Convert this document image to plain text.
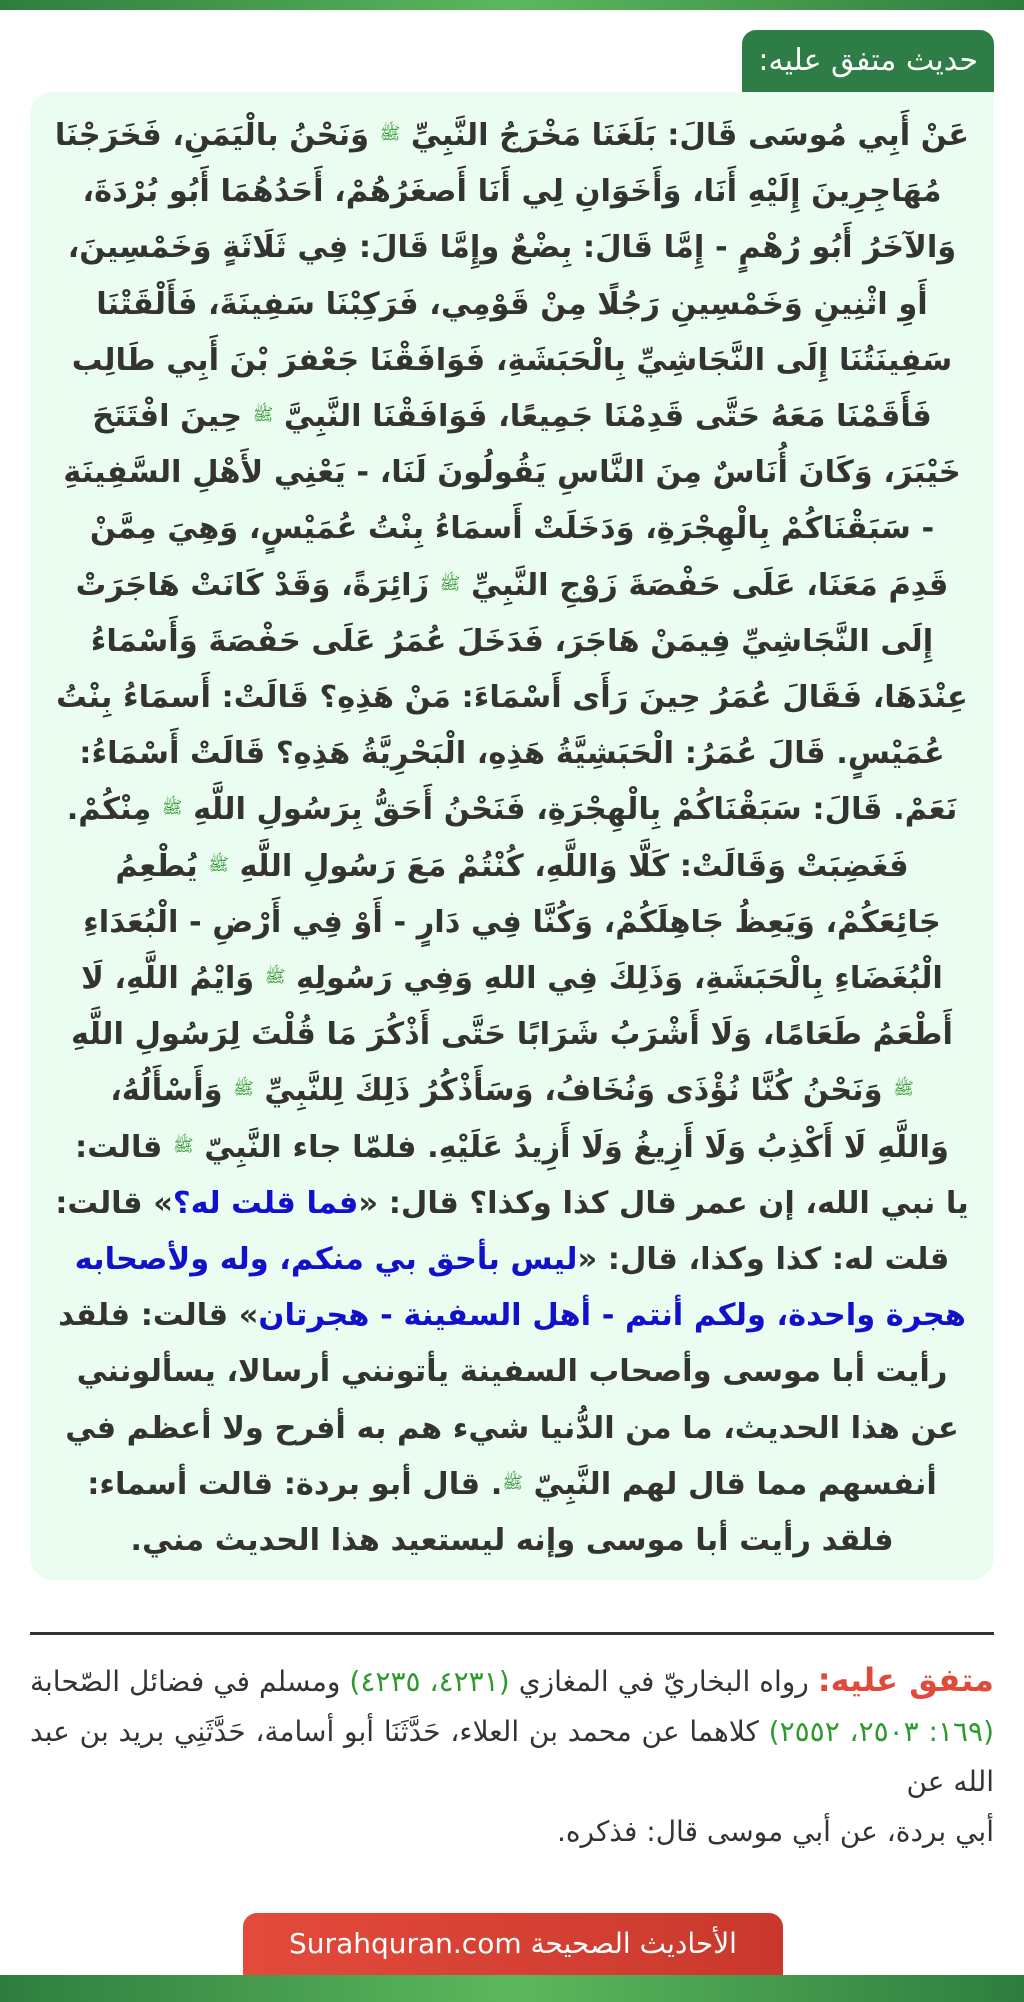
حديث متفق عليه:

عَنْ أَبِي مُوسَى قَالَ: بَلَغَنَا مَخْرَجُ النَّبِيِّ ﷺ وَنَحْنُ بالْيَمَنِ، فَخَرَجْنَا

مُهَاجِرِينَ إِلَيْهِ أَنَا، وَأَخَوَانِ لِي أَنَا أَصغَرُهُمْ، أَحَدُهُمَا أَبُو بُرْدَةَ،

وَالآخَرُ أَبُو رُهْمٍ - إِمَّا قَالَ: بِضْعٌ وإِمَّا قَالَ: فِي ثَلَاثَةٍ وَخَمْسِينَ،

أَوِ اثْنِينِ وَخَمْسِينِ رَجُلًا مِنْ قَوْمِي، فَرَكِبْنَا سَفِينَةَ، فَأَلْقَتْنَا

سَفِينَتُنَا إِلَى النَّجَاشِيِّ بِالْحَبَشَةِ، فَوَافَقْنَا جَعْفرَ بْنَ أَبِي طَالِب

فَأَقَمْنَا مَعَهُ حَتَّى قَدِمْنَا جَمِيعًا، فَوَافَقْنَا النَّبِيَّ ﷺ حِينَ افْتَتَحَ

خَيْبَرَ، وَكَانَ أُنَاسٌ مِنَ النَّاسِ يَقُولُونَ لَنَا، - يَعْنِي لأَهْلِ السَّفِينَةِ

- سَبَقْنَاكُمْ بِالْهِجْرَةِ، وَدَخَلَتْ أَسمَاءُ بِنْتُ عُمَيْسٍ، وَهِيَ مِمَّنْ

قَدِمَ مَعَنَا، عَلَى حَفْصَةَ زَوْجِ النَّبِيِّ ﷺ زَائِرَةً، وَقَدْ كَانَتْ هَاجَرَتْ

إِلَى النَّجَاشِيِّ فِيمَنْ هَاجَرَ، فَدَخَلَ عُمَرُ عَلَى حَفْصَةَ وَأَسْمَاءُ

عِنْدَهَا، فَقَالَ عُمَرُ حِينَ رَأَى أَسْمَاءَ: مَنْ هَذِهِ؟ قَالَتْ: أَسمَاءُ بِنْتُ

عُمَيْسٍ. قَالَ عُمَرُ: الْحَبَشِيَّةُ هَذِهِ، الْبَحْرِيَّةُ هَذِهِ؟ قَالَتْ أَسْمَاءُ:

نَعَمْ. قَالَ: سَبَقْنَاكُمْ بِالْهِجْرَةِ، فَنَحْنُ أَحَقُّ بِرَسُولِ اللَّهِ ﷺ مِنْكُمْ.

فَغَضِبَتْ وَقَالَتْ: كَلَّا وَاللَّهِ، كُنْتُمْ مَعَ رَسُولِ اللَّهِ ﷺ يُطْعِمُ

جَائِعَكُمْ، وَيَعِظُ جَاهِلَكُمْ، وَكُنَّا فِي دَارٍ - أَوْ فِي أَرْضِ - الْبُعَدَاءِ

الْبُغَضَاءِ بِالْحَبَشَةِ، وَذَلِكَ فِي اللهِ وَفِي رَسُولِهِ ﷺ وَايْمُ اللَّهِ، لَا

أَطْعَمُ طَعَامًا، وَلَا أَشْرَبُ شَرَابًا حَتَّى أَذْكُرَ مَا قُلْتَ لِرَسُولِ اللَّهِ

ﷺ وَنَحْنُ كُنَّا نُؤْذَى وَنُخَافُ، وَسَأَذْكُرُ ذَلِكَ لِلنَّبِيِّ ﷺ وَأَسْأَلُهُ،

وَاللَّهِ لَا أَكْذِبُ وَلَا أَزِيغُ وَلَا أَزِيدُ عَلَيْهِ. فلمّا جاء النَّبِيّ ﷺ قالت:

يا نبي الله، إن عمر قال كذا وكذا؟ قال: «فما قلت له؟» قالت:

قلت له: كذا وكذا، قال: «ليس بأحق بي منكم، وله ولأصحابه

هجرة واحدة، ولكم أنتم - أهل السفينة - هجرتان» قالت: فلقد

رأيت أبا موسى وأصحاب السفينة يأتونني أرسالا، يسألونني

عن هذا الحديث، ما من الدُّنيا شيء هم به أفرح ولا أعظم في

أنفسهم مما قال لهم النَّبِيّ ﷺ. قال أبو بردة: قالت أسماء:

فلقد رأيت أبا موسى وإنه ليستعيد هذا الحديث مني.

متفق عليه: رواه البخاريّ في المغازي (٤٢٣١، ٤٢٣٥) ومسلم في فضائل الصّحابة (١٦٩: ٢٥٠٣، ٢٥٥٢) كلاهما عن محمد بن العلاء، حَدَّثَنَا أبو أسامة، حَدَّثَنِي بريد بن عبد الله عن

أبي بردة، عن أبي موسى قال: فذكره.

الأحاديث الصحيحة Surahquran.com
